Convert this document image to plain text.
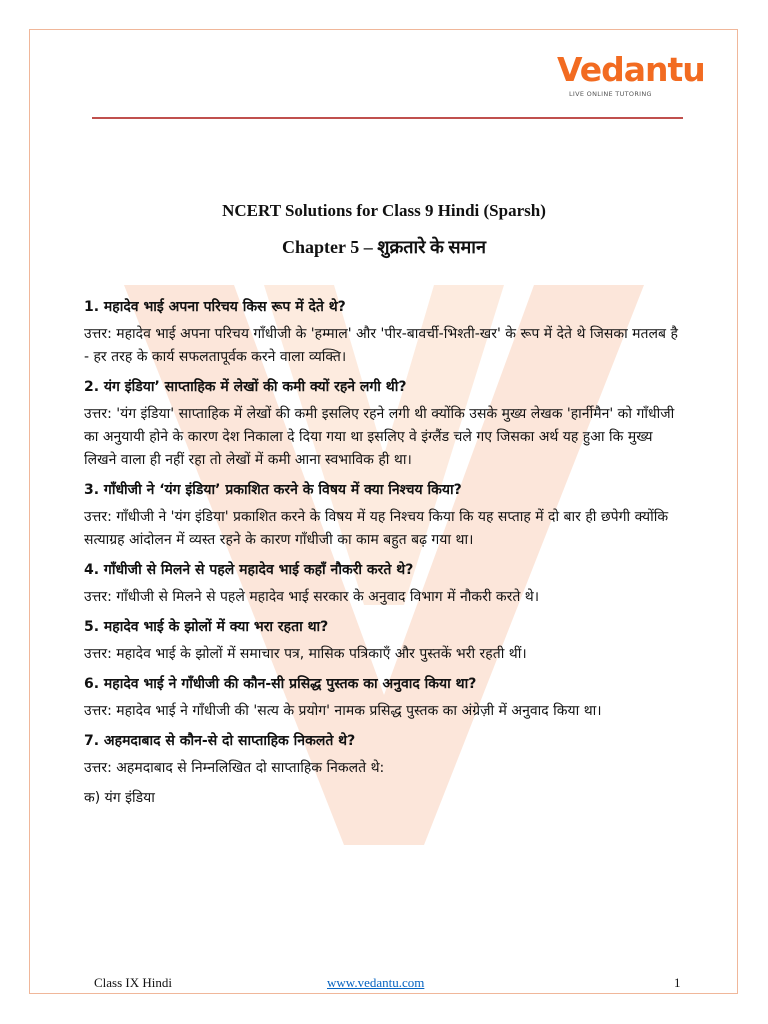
Vedantu
LIVE ONLINE TUTORING
NCERT Solutions for Class 9 Hindi (Sparsh)
Chapter 5 – शुक्रतारे के समान

1. महादेव भाई अपना परिचय किस रूप में देते थे?

उत्तर: महादेव भाई अपना परिचय गाँधीजी के 'हम्माल' और 'पीर-बावर्ची-भिश्ती-खर' के रूप में देते थे जिसका मतलब है - हर तरह के कार्य सफलतापूर्वक करने वाला व्यक्ति।

2. यंग इंडिया’ साप्ताहिक में लेखों की कमी क्यों रहने लगी थी?

उत्तर: 'यंग इंडिया' साप्ताहिक में लेखों की कमी इसलिए रहने लगी थी क्योंकि उसके मुख्य लेखक 'हार्नीमैन' को गाँधीजी का अनुयायी होने के कारण देश निकाला दे दिया गया था इसलिए वे इंग्लैंड चले गए जिसका अर्थ यह हुआ कि मुख्य लिखने वाला ही नहीं रहा तो लेखों में कमी आना स्वभाविक ही था।

3. गाँधीजी ने ‘यंग इंडिया’ प्रकाशित करने के विषय में क्या निश्चय किया?

उत्तर: गाँधीजी ने 'यंग इंडिया' प्रकाशित करने के विषय में यह निश्चय किया कि यह सप्ताह में दो बार ही छपेगी क्योंकि सत्याग्रह आंदोलन में व्यस्त रहने के कारण गाँधीजी का काम बहुत बढ़ गया था।

4. गाँधीजी से मिलने से पहले महादेव भाई कहाँ नौकरी करते थे?

उत्तर: गाँधीजी से मिलने से पहले महादेव भाई सरकार के अनुवाद विभाग में नौकरी करते थे।

5. महादेव भाई के झोलों में क्या भरा रहता था?

उत्तर: महादेव भाई के झोलों में समाचार पत्र, मासिक पत्रिकाएँ और पुस्तकें भरी रहती थीं।

6. महादेव भाई ने गाँधीजी की कौन-सी प्रसिद्ध पुस्तक का अनुवाद किया था?

उत्तर: महादेव भाई ने गाँधीजी की 'सत्य के प्रयोग' नामक प्रसिद्ध पुस्तक का अंग्रेज़ी में अनुवाद किया था।

7. अहमदाबाद से कौन-से दो साप्ताहिक निकलते थे?

उत्तर: अहमदाबाद से निम्नलिखित दो साप्ताहिक निकलते थे:

क) यंग इंडिया

Class IX Hindi	www.vedantu.com	1
